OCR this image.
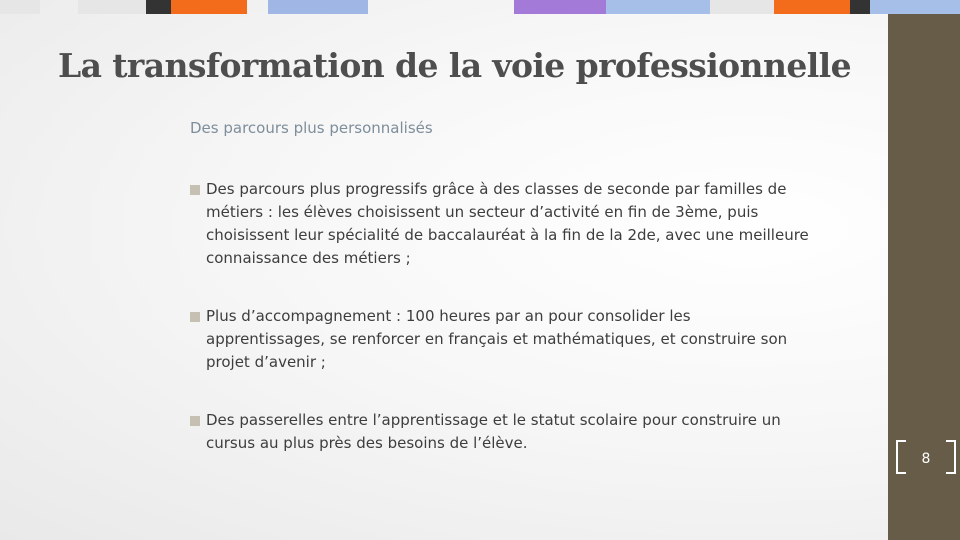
La transformation de la voie professionnelle
Des parcours plus personnalisés
Des parcours plus progressifs grâce à des classes de seconde par familles de métiers : les élèves choisissent un secteur d’activité en fin de 3ème, puis choisissent leur spécialité de baccalauréat à la fin de la 2de, avec une meilleure connaissance des métiers ;
Plus d’accompagnement : 100 heures par an pour consolider les apprentissages, se renforcer en français et mathématiques, et construire son projet d’avenir ;
Des passerelles entre l’apprentissage et le statut scolaire pour construire un cursus au plus près des besoins de l’élève.
8
